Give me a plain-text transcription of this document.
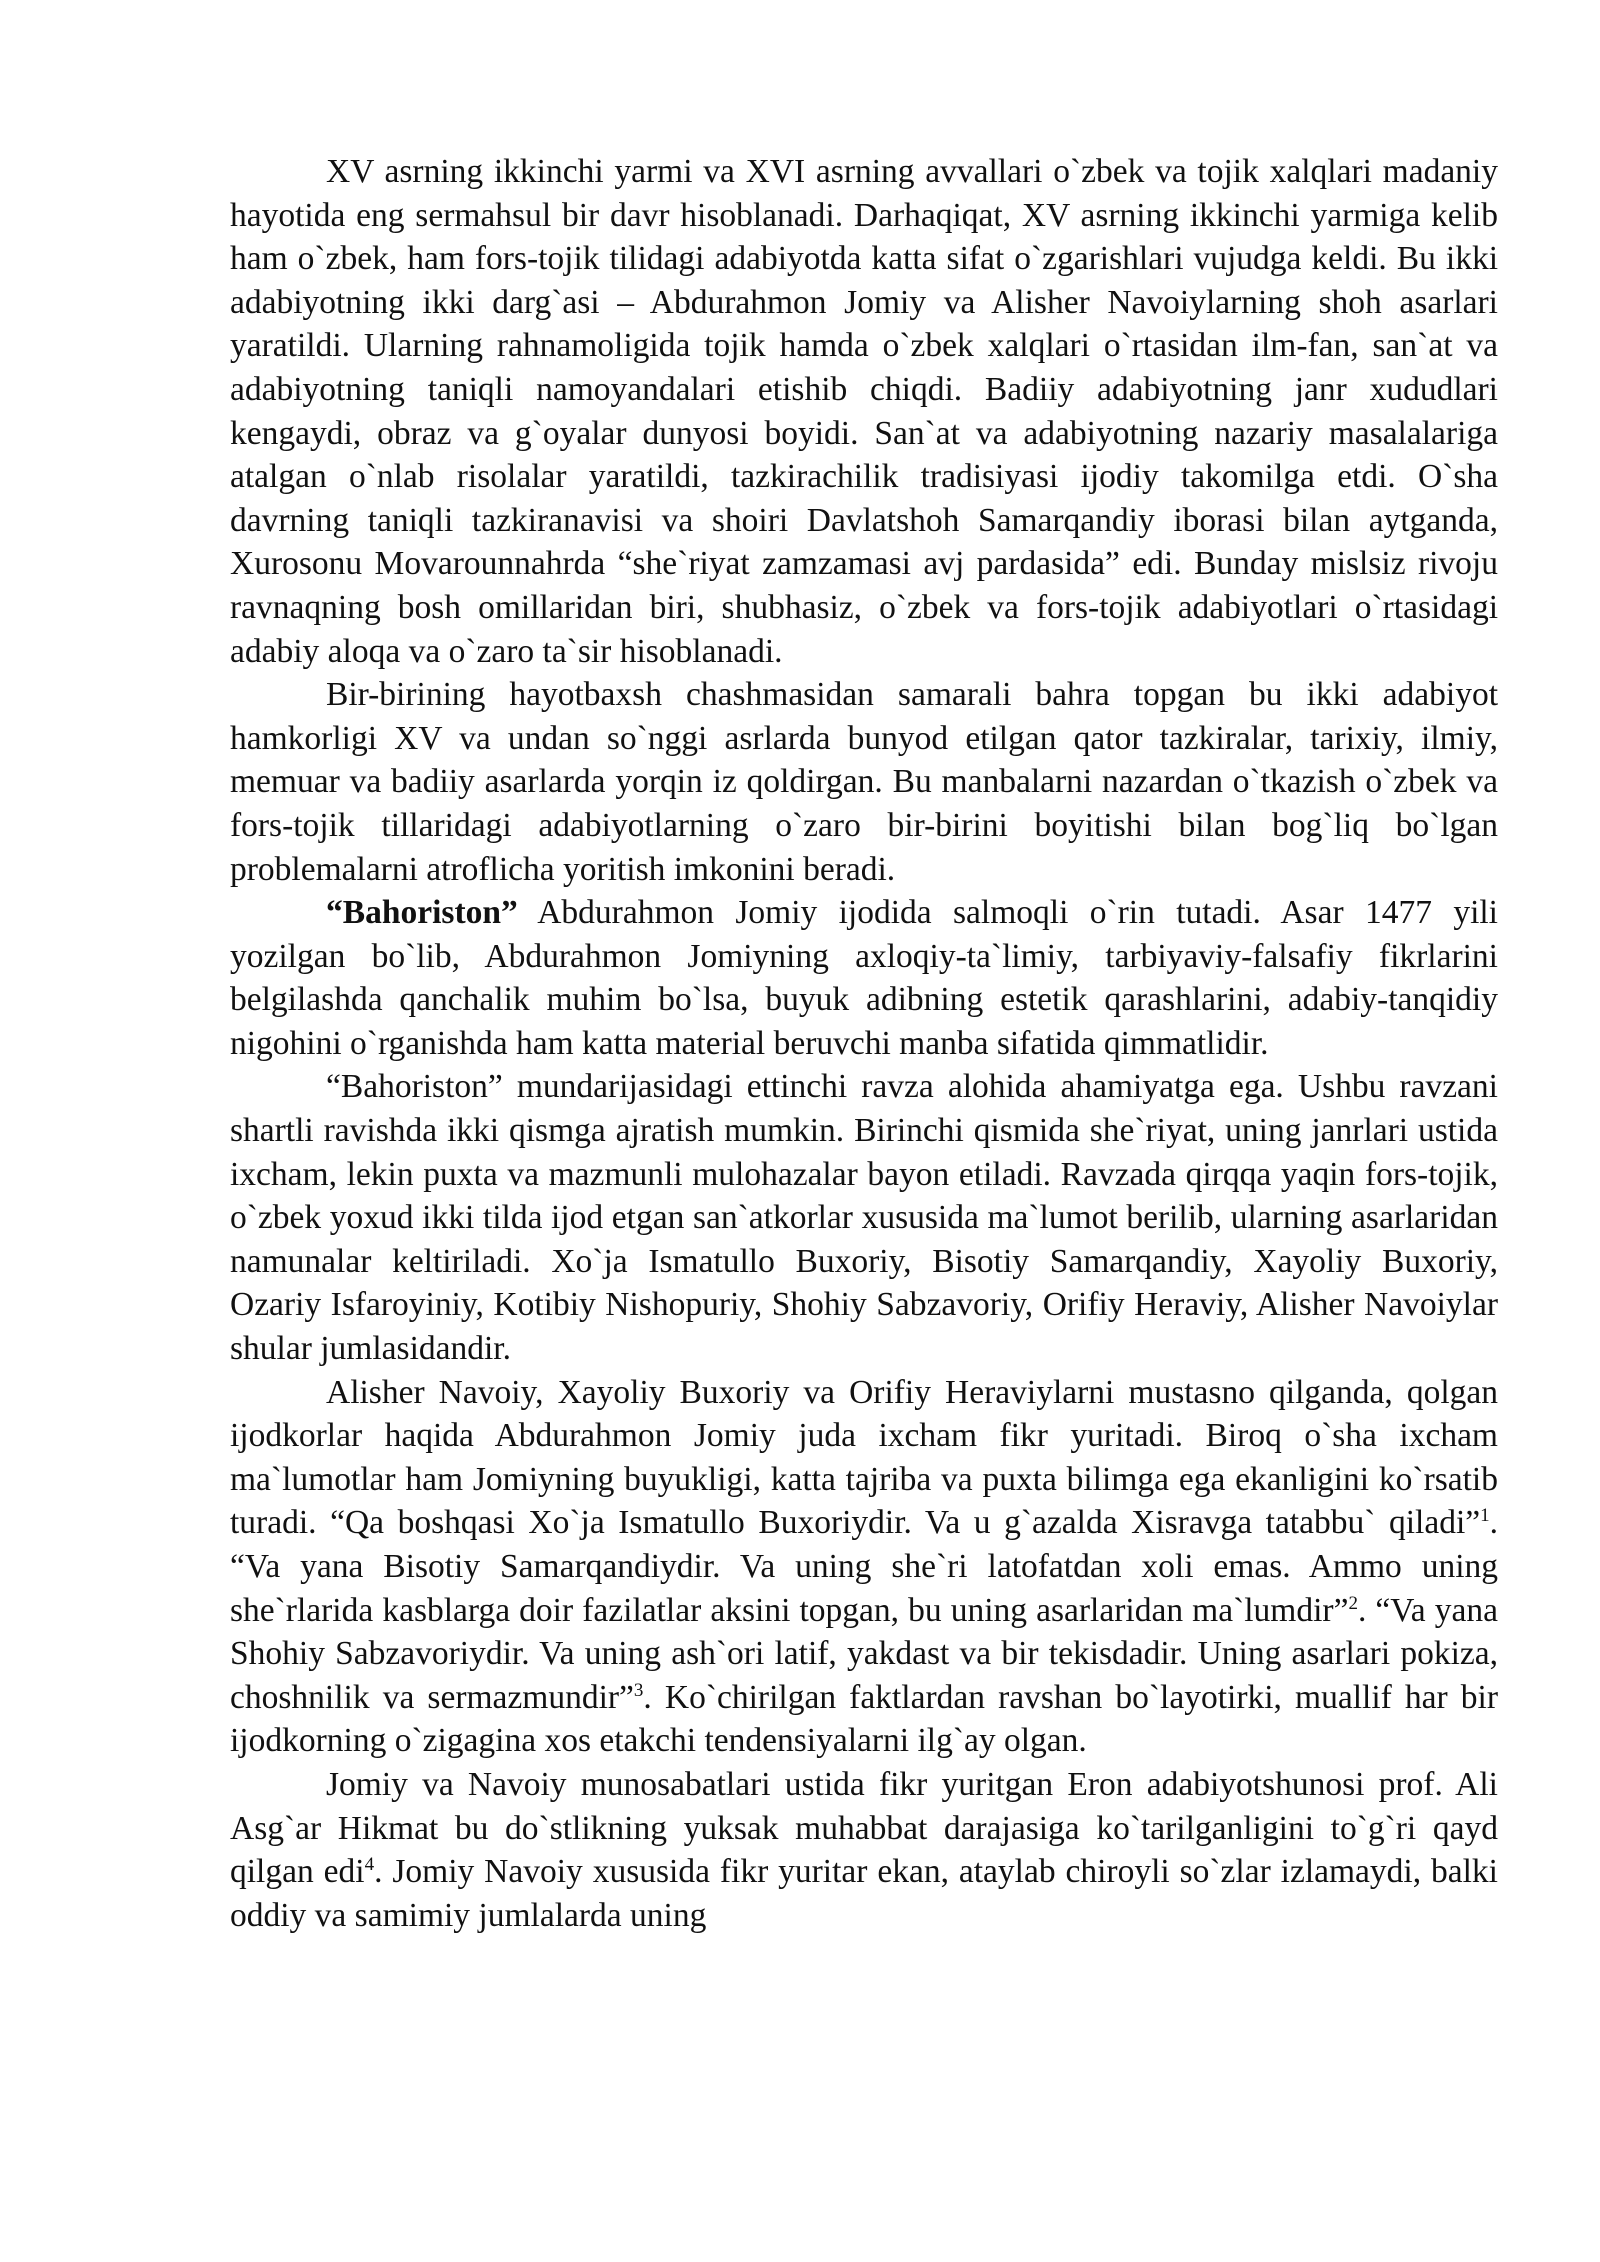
XV asrning ikkinchi yarmi va XVI asrning avvallari o`zbek va tojik xalqlari madaniy hayotida eng sermahsul bir davr hisoblanadi. Darhaqiqat, XV asrning ikkinchi yarmiga kelib ham o`zbek, ham fors-tojik tilidagi adabiyotda katta sifat o`zgarishlari vujudga keldi. Bu ikki adabiyotning ikki darg`asi – Abdurahmon Jomiy va Alisher Navoiylarning shoh asarlari yaratildi. Ularning rahnamoligida tojik hamda o`zbek xalqlari o`rtasidan ilm-fan, san`at va adabiyotning taniqli namoyandalari etishib chiqdi. Badiiy adabiyotning janr xududlari kengaydi, obraz va g`oyalar dunyosi boyidi. San`at va adabiyotning nazariy masalalariga atalgan o`nlab risolalar yaratildi, tazkirachilik tradisiyasi ijodiy takomilga etdi. O`sha davrning taniqli tazkiranavisi va shoiri Davlatshoh Samarqandiy iborasi bilan aytganda, Xurosonu Movarounnahrda “she`riyat zamzamasi avj pardasida” edi. Bunday mislsiz rivoju ravnaqning bosh omillaridan biri, shubhasiz, o`zbek va fors-tojik adabiyotlari o`rtasidagi adabiy aloqa va o`zaro ta`sir hisoblanadi.

Bir-birining hayotbaxsh chashmasidan samarali bahra topgan bu ikki adabiyot hamkorligi XV va undan so`nggi asrlarda bunyod etilgan qator tazkiralar, tarixiy, ilmiy, memuar va badiiy asarlarda yorqin iz qoldirgan. Bu manbalarni nazardan o`tkazish o`zbek va fors-tojik tillaridagi adabiyotlarning o`zaro bir-birini boyitishi bilan bog`liq bo`lgan problemalarni atroflicha yoritish imkonini beradi.

“Bahoriston” Abdurahmon Jomiy ijodida salmoqli o`rin tutadi. Asar 1477 yili yozilgan bo`lib, Abdurahmon Jomiyning axloqiy-ta`limiy, tarbiyaviy-falsafiy fikrlarini belgilashda qanchalik muhim bo`lsa, buyuk adibning estetik qarashlarini, adabiy-tanqidiy nigohini o`rganishda ham katta material beruvchi manba sifatida qimmatlidir.

“Bahoriston” mundarijasidagi ettinchi ravza alohida ahamiyatga ega. Ushbu ravzani shartli ravishda ikki qismga ajratish mumkin. Birinchi qismida she`riyat, uning janrlari ustida ixcham, lekin puxta va mazmunli mulohazalar bayon etiladi. Ravzada qirqqa yaqin fors-tojik, o`zbek yoxud ikki tilda ijod etgan san`atkorlar xususida ma`lumot berilib, ularning asarlaridan namunalar keltiriladi. Xo`ja Ismatullo Buxoriy, Bisotiy Samarqandiy, Xayoliy Buxoriy, Ozariy Isfaroyiniy, Kotibiy Nishopuriy, Shohiy Sabzavoriy, Orifiy Heraviy, Alisher Navoiylar shular jumlasidandir.

Alisher Navoiy, Xayoliy Buxoriy va Orifiy Heraviylarni mustasno qilganda, qolgan ijodkorlar haqida Abdurahmon Jomiy juda ixcham fikr yuritadi. Biroq o`sha ixcham ma`lumotlar ham Jomiyning buyukligi, katta tajriba va puxta bilimga ega ekanligini ko`rsatib turadi. “Qa boshqasi Xo`ja Ismatullo Buxoriydir. Va u g`azalda Xisravga tatabbu` qiladi”$^1$. “Va yana Bisotiy Samarqandiydir. Va uning she`ri latofatdan xoli emas. Ammo uning she`rlarida kasblarga doir fazilatlar aksini topgan, bu uning asarlaridan ma`lumdir”$^2$. “Va yana Shohiy Sabzavoriydir. Va uning ash`ori latif, yakdast va bir tekisdadir. Uning asarlari pokiza, choshnilik va sermazmundir”$^3$. Ko`chirilgan faktlardan ravshan bo`layotirki, muallif har bir ijodkorning o`zigagina xos etakchi tendensiyalarni ilg`ay olgan.

Jomiy va Navoiy munosabatlari ustida fikr yuritgan Eron adabiyotshunosi prof. Ali Asg`ar Hikmat bu do`stlikning yuksak muhabbat darajasiga ko`tarilganligini to`g`ri qayd qilgan edi$^4$. Jomiy Navoiy xususida fikr yuritar ekan, ataylab chiroyli so`zlar izlamaydi, balki oddiy va samimiy jumlalarda uning
